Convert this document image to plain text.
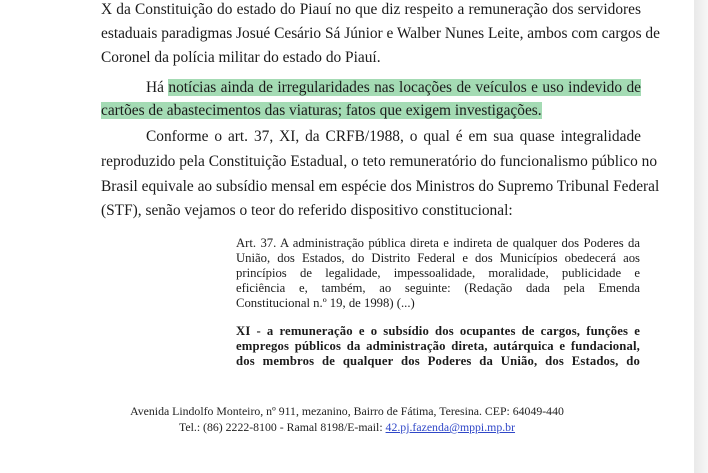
X da Constituição do estado do Piauí no que diz respeito a remuneração dos servidores
estaduais paradigmas Josué Cesário Sá Júnior e Walber Nunes Leite, ambos com cargos de
Coronel da polícia militar do estado do Piauí.
Há notícias ainda de irregularidades nas locações de veículos e uso indevido de
cartões de abastecimentos das viaturas; fatos que exigem investigações.
Conforme o art. 37, XI, da CRFB/1988, o qual é em sua quase integralidade
reproduzido pela Constituição Estadual, o teto remuneratório do funcionalismo público no
Brasil equivale ao subsídio mensal em espécie dos Ministros do Supremo Tribunal Federal
(STF), senão vejamos o teor do referido dispositivo constitucional:
Art. 37. A administração pública direta e indireta de qualquer dos Poderes da
União, dos Estados, do Distrito Federal e dos Municípios obedecerá aos
princípios de legalidade, impessoalidade, moralidade, publicidade e
eficiência e, também, ao seguinte: (Redação dada pela Emenda
Constitucional n.º 19, de 1998) (...)
XI - a remuneração e o subsídio dos ocupantes de cargos, funções e
empregos públicos da administração direta, autárquica e fundacional,
dos membros de qualquer dos Poderes da União, dos Estados, do
Avenida Lindolfo Monteiro, nº 911, mezanino, Bairro de Fátima, Teresina. CEP: 64049-440
Tel.: (86) 2222-8100 - Ramal 8198/E-mail: 42.pj.fazenda@mppi.mp.br
